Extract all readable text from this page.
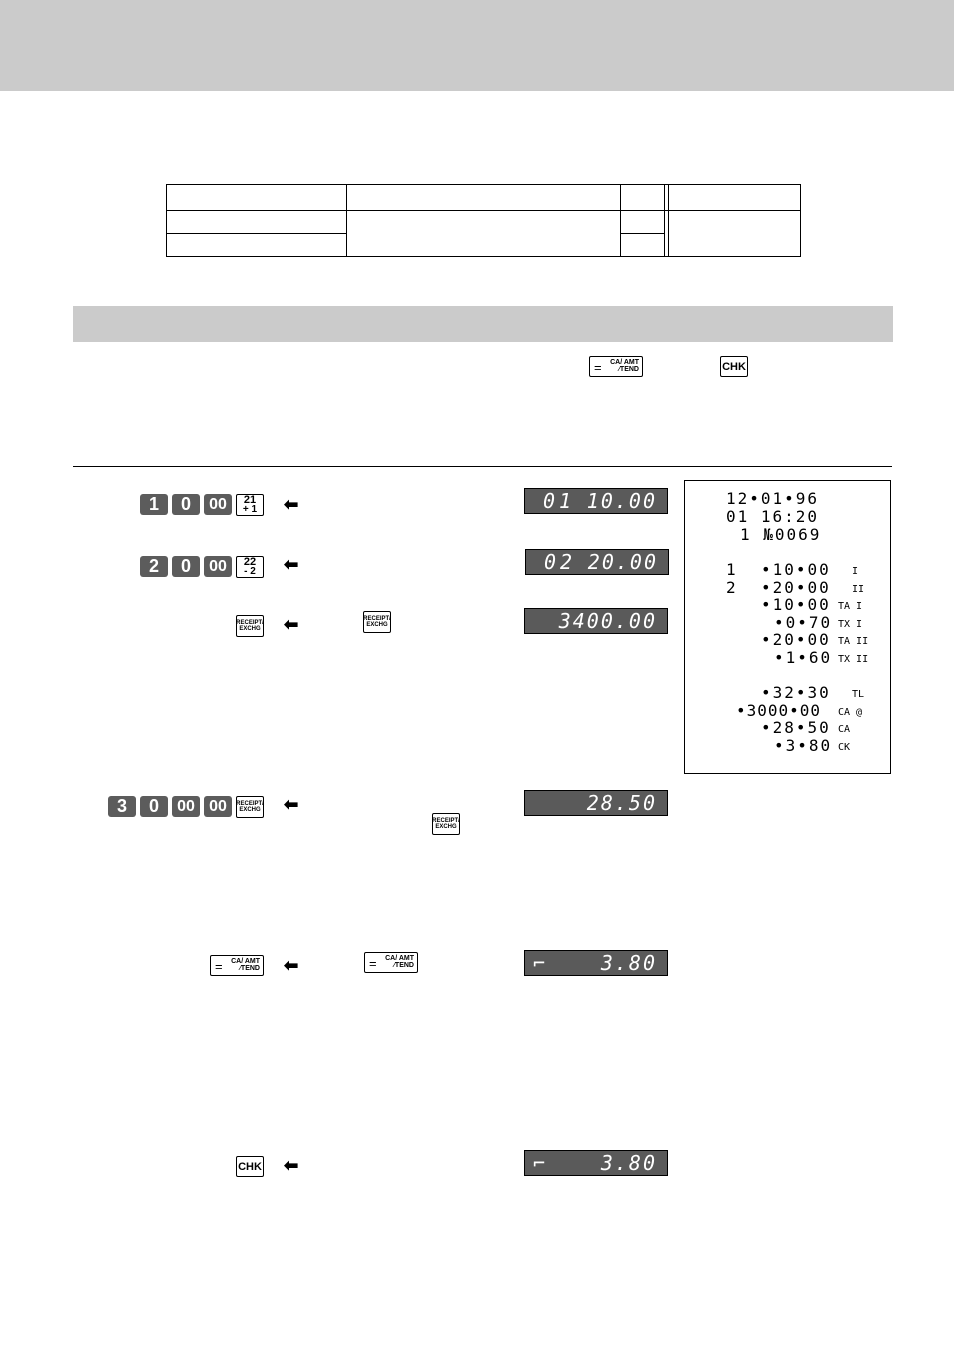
= CA/ AMT
⁄TEND	CHK
1	0	00	21
+ 1 ⬅	01 10.00
2	0	00	22
- 2 ⬅	02 20.00
RECEIPT/
EXCHG ⬅	RECEIPT/
EXCHG	3400.00
12•01•96
01 16:20
1 №0069
1	•10•00	I
2	•20•00	II
•10•00 TA I
•0•70 TX I
•20•00 TA II
•1•60 TX II
•32•30	TL
•3000•00	CA @
•28•50 CA
•3•80 CK
3	0	00 00	RECEIPT/
EXCHG ⬅
RECEIPT/
EXCHG
28.50
= CA/ AMT
⁄TEND ⬅	= CA/ AMT
⁄TEND	⌐	3.80
CHK ⬅	⌐	3.80
